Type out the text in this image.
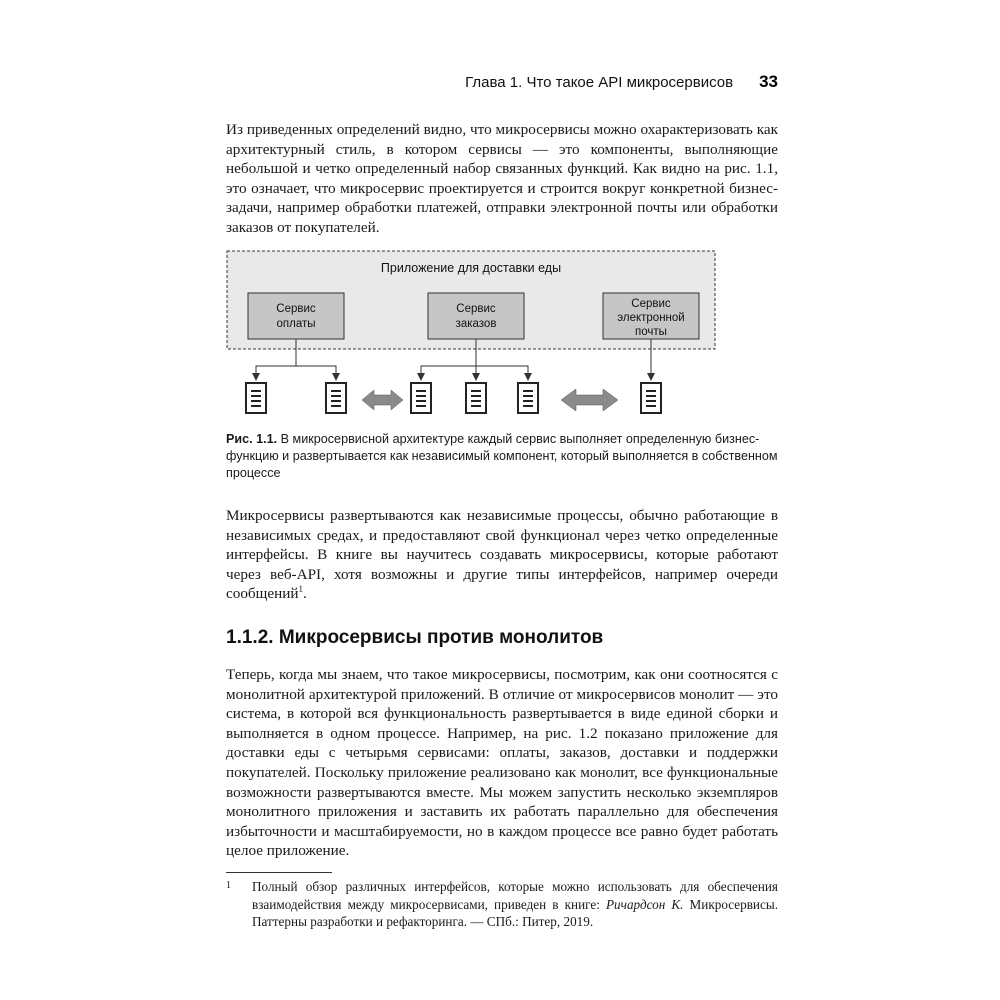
Глава 1. Что такое API микросервисов 33

Из приведенных определений видно, что микросервисы можно охарактеризовать как архитектурный стиль, в котором сервисы — это компоненты, выполняющие небольшой и четко определенный набор связанных функций. Как видно на рис. 1.1, это означает, что микросервис проектируется и строится вокруг конкретной бизнес-задачи, например обработки платежей, отправки электронной почты или обработки заказов от покупателей.

Приложение для доставки еды
Сервис
оплаты
Сервис
заказов
Сервис
электронной
почты

Рис. 1.1. В микросервисной архитектуре каждый сервис выполняет определенную бизнес-функцию и развертывается как независимый компонент, который выполняется в собственном процессе

Микросервисы развертываются как независимые процессы, обычно работающие в независимых средах, и предоставляют свой функционал через четко определенные интерфейсы. В книге вы научитесь создавать микросервисы, которые работают через веб-API, хотя возможны и другие типы интерфейсов, например очереди сообщений$^1$.

1.1.2. Микросервисы против монолитов

Теперь, когда мы знаем, что такое микросервисы, посмотрим, как они соотносятся с монолитной архитектурой приложений. В отличие от микросервисов монолит — это система, в которой вся функциональность развертывается в виде единой сборки и выполняется в одном процессе. Например, на рис. 1.2 показано приложение для доставки еды с четырьмя сервисами: оплаты, заказов, доставки и поддержки покупателей. Поскольку приложение реализовано как монолит, все функциональные возможности развертываются вместе. Мы можем запустить несколько экземпляров монолитного приложения и заставить их работать параллельно для обеспечения избыточности и масштабируемости, но в каждом процессе все равно будет работать целое приложение.

1 Полный обзор различных интерфейсов, которые можно использовать для обеспечения взаимодействия между микросервисами, приведен в книге: Ричардсон К. Микросервисы. Паттерны разработки и рефакторинга. — СПб.: Питер, 2019.
